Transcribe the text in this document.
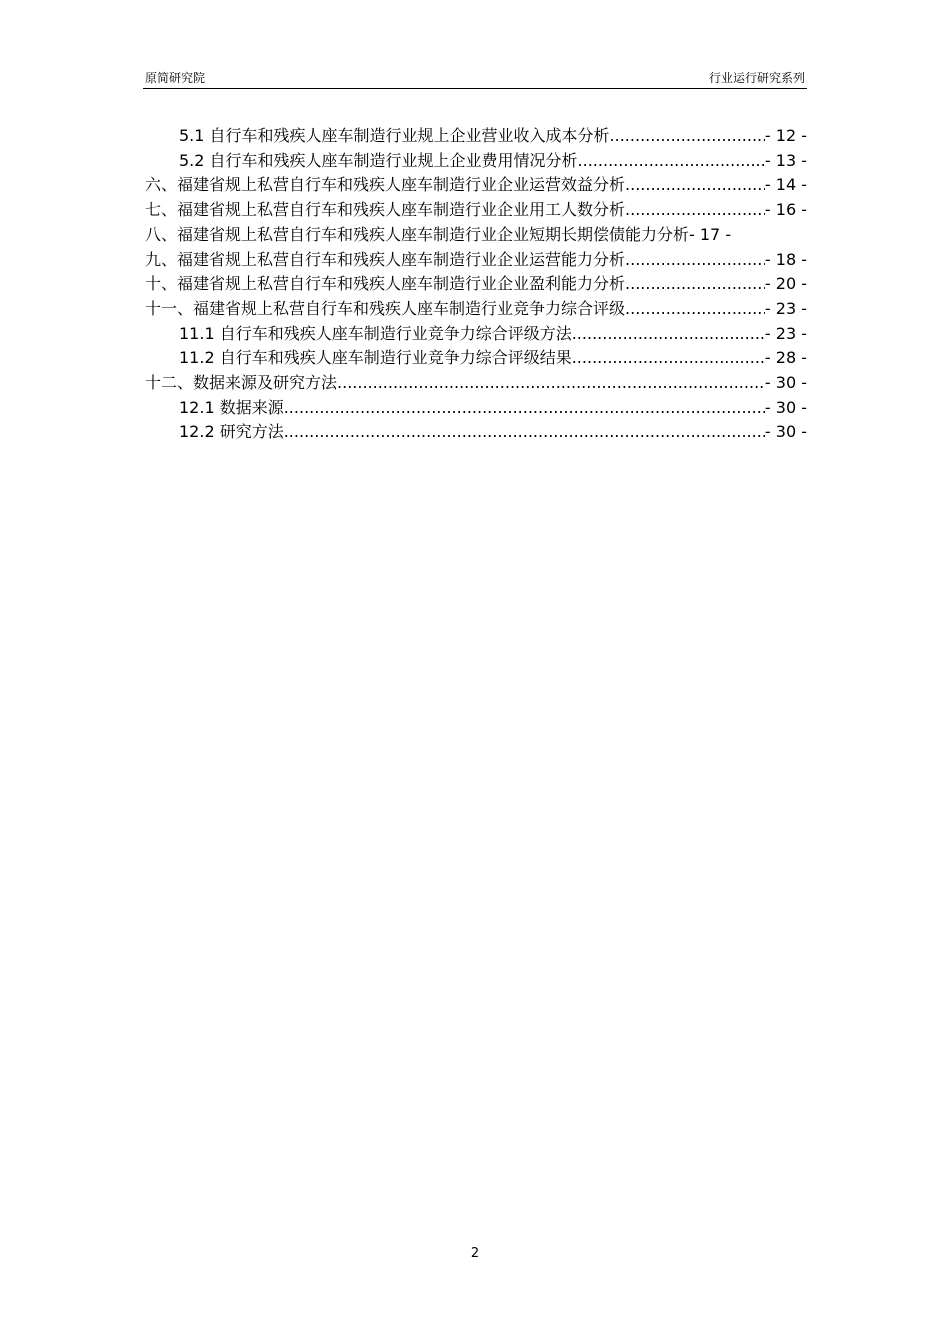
原简研究院	行业运行研究系列
5.1 自行车和残疾人座车制造行业规上企业营业收入成本分析 .....	- 12 -
5.2 自行车和残疾人座车制造行业规上企业费用情况分析 .....	- 13 -
六、福建省规上私营自行车和残疾人座车制造行业企业运营效益分析 .....	- 14 -
七、福建省规上私营自行车和残疾人座车制造行业企业用工人数分析 .....	- 16 -
八、福建省规上私营自行车和残疾人座车制造行业企业短期长期偿债能力分析- 17 -
九、福建省规上私营自行车和残疾人座车制造行业企业运营能力分析 .....	- 18 -
十、福建省规上私营自行车和残疾人座车制造行业企业盈利能力分析 .....	- 20 -
十一、福建省规上私营自行车和残疾人座车制造行业竞争力综合评级 .....	- 23 -
11.1 自行车和残疾人座车制造行业竞争力综合评级方法 .....	- 23 -
11.2 自行车和残疾人座车制造行业竞争力综合评级结果 .....	- 28 -
十二、数据来源及研究方法 .....	- 30 -
12.1 数据来源 .....	- 30 -
12.2 研究方法 .....	- 30 -
2
